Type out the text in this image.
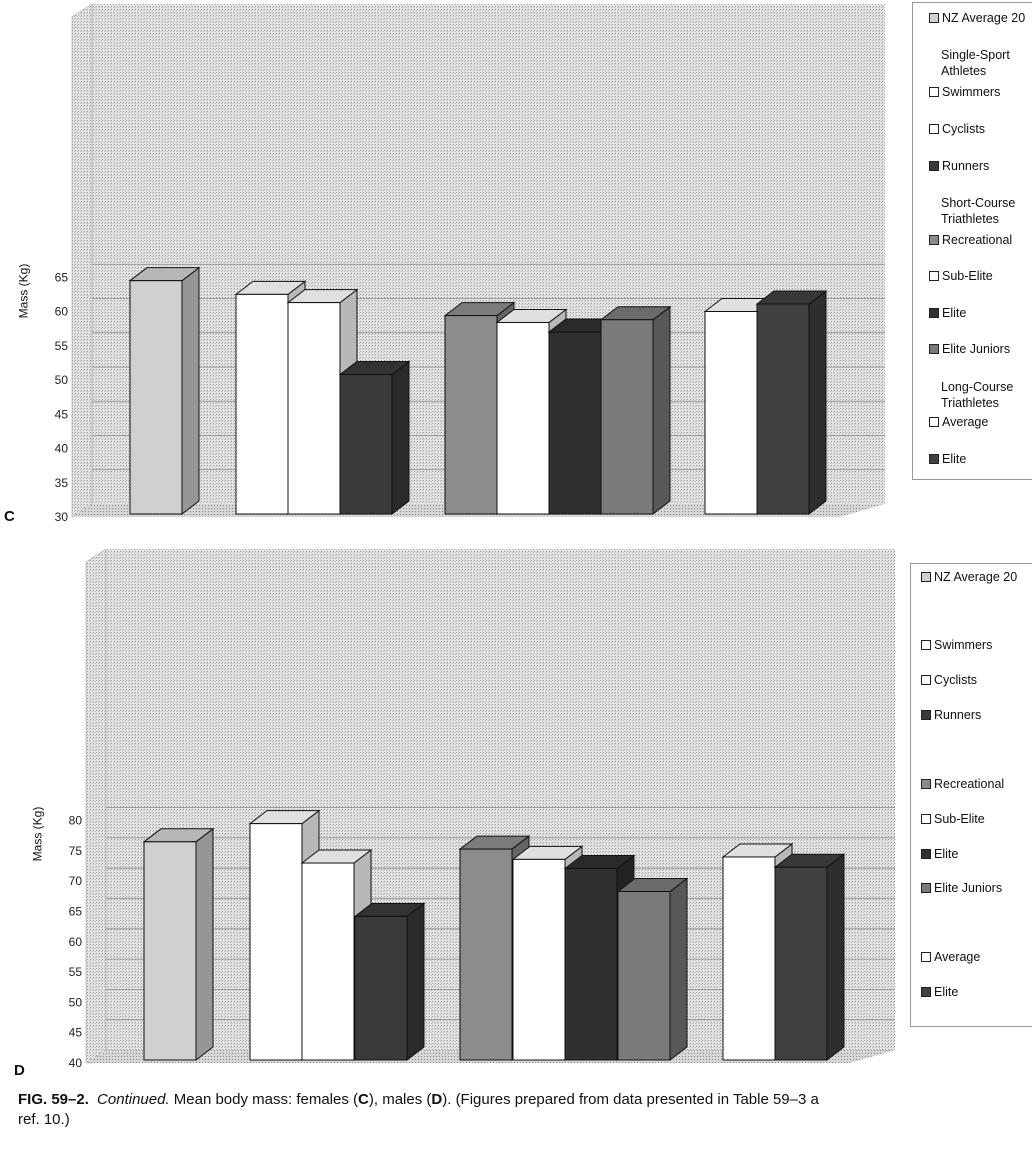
30
35
40
45
50
55
60
65
C
Mass (Kg)
NZ Average 20
Single-Sport Athletes
Swimmers
Cyclists
Runners
Short-Course Triathletes
Recreational
Sub-Elite
Elite
Elite Juniors
Long-Course Triathletes
Average
Elite
40
45
50
55
60
65
70
75
80
D
Mass (Kg)
NZ Average 20
Swimmers
Cyclists
Runners
Recreational
Sub-Elite
Elite
Elite Juniors
Average
Elite
FIG. 59–2. Continued. Mean body mass: females (C), males (D). (Figures prepared from data presented in Table 59–3 a
ref. 10.)
